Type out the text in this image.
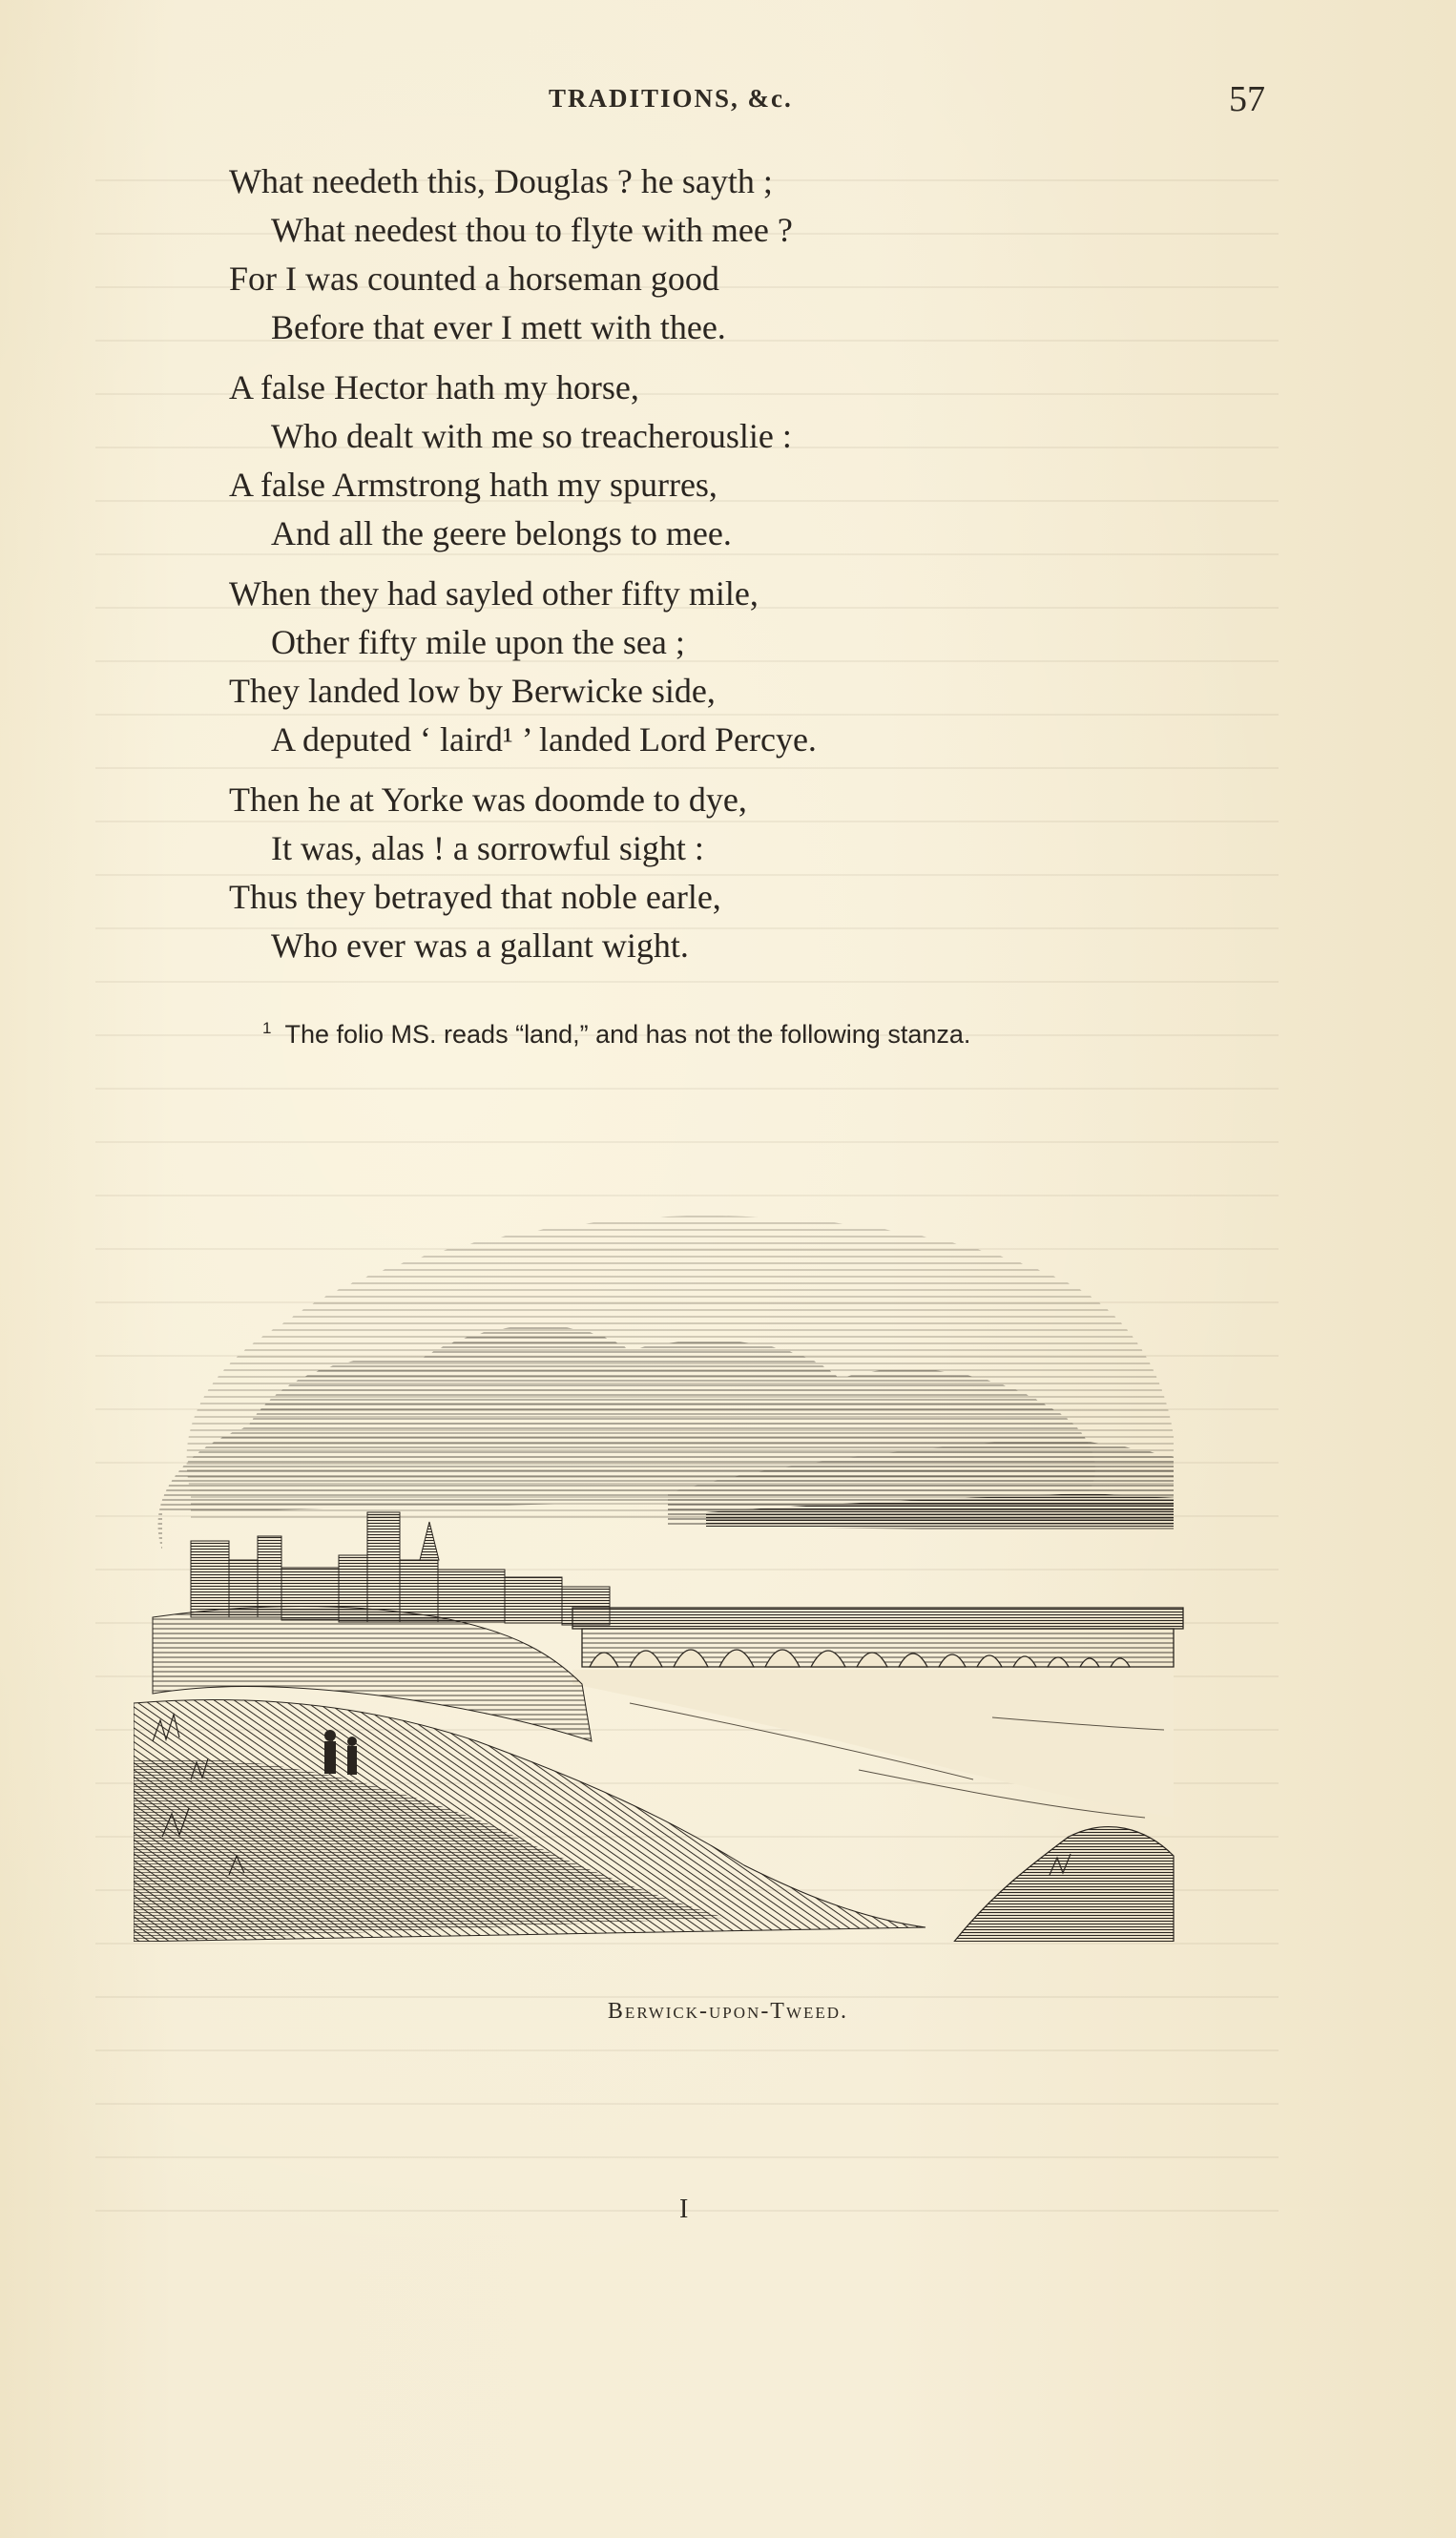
TRADITIONS, &c.	57
What needeth this, Douglas ? he sayth ;
What needest thou to flyte with mee ?
For I was counted a horseman good
Before that ever I mett with thee.
A false Hector hath my horse,
Who dealt with me so treacherouslie :
A false Armstrong hath my spurres,
And all the geere belongs to mee.
When they had sayled other fifty mile,
Other fifty mile upon the sea ;
They landed low by Berwicke side,
A deputed ‘ laird¹ ’ landed Lord Percye.
Then he at Yorke was doomde to dye,
It was, alas ! a sorrowful sight :
Thus they betrayed that noble earle,
Who ever was a gallant wight.
$^1$ The folio MS. reads “land,” and has not the following stanza.
Berwick-upon-Tweed.
I
